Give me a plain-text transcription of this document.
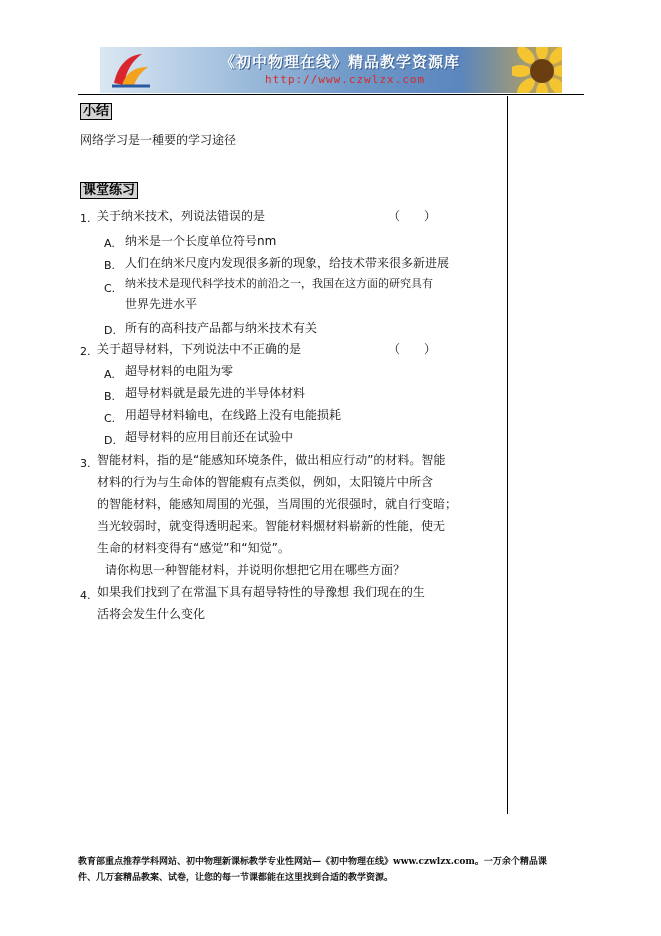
《初中物理在线》精品教学资源库
http://www.czwlzx.com
小结
网络学习是一種要的学习途径
课堂练习
1. 关于纳米技术，列说法错误的是	（　　）
A. 纳米是一个长度单位符号nm
B. 人们在纳米尺度内发现很多新的现象，给技术带来很多新进展
C. 纳米技术是现代科学技术的前沿之一，我国在这方面的研究具有
世界先进水平
D. 所有的高科技产品都与纳米技术有关
2. 关于超导材料，下列说法中不正确的是	（　　）
A. 超导材料的电阻为零
B. 超导材料就是最先进的半导体材料
C. 用超导材料输电，在线路上没有电能损耗
D. 超导材料的应用目前还在试验中
3. 智能材料，指的是“能感知环境条件，做出相应行动”的材料。智能
材料的行为与生命体的智能瘕有点类似，例如，太阳镜片中所含
的智能材料，能感知周围的光强，当周围的光很强时，就自行变暗；
当光较弱时，就变得透明起来。智能材料燳材料崭新的性能，使无
生命的材料变得有“感觉”和“知觉”。
请你构思一种智能材料，并说明你想把它用在哪些方面？
4. 如果我们找到了在常温下具有超导特性的导豫想 我们现在的生
活将会发生什么变化
教育部重点推荐学科网站、初中物理新课标教学专业性网站—《初中物理在线》www.czwlzx.com。一万余个精品课
件、几万套精品教案、试卷，让您的每一节课都能在这里找到合适的教学资源。
